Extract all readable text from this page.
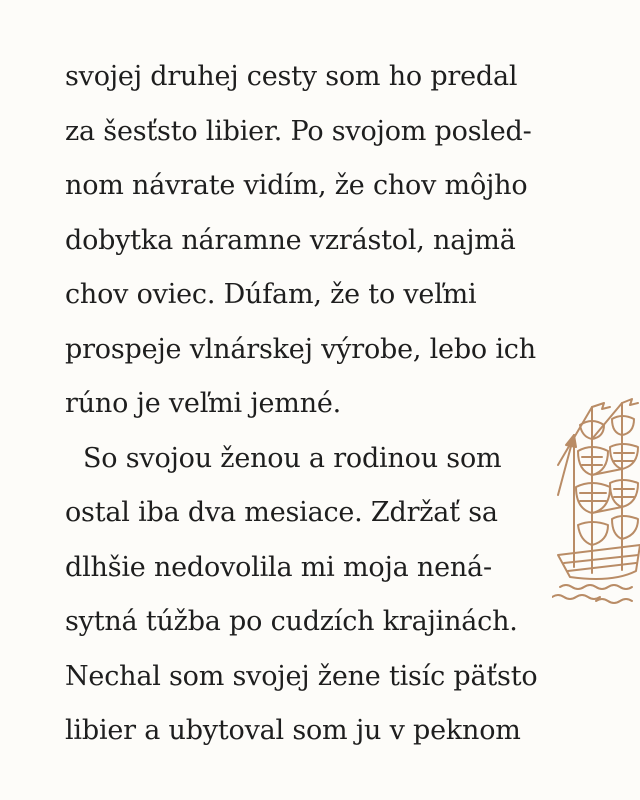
svojej druhej cesty som ho predal
za šesťsto libier. Po svojom posled-
nom návrate vidím, že chov môjho
dobytka náramne vzrástol, najmä
chov oviec. Dúfam, že to veľmi
prospeje vlnárskej výrobe, lebo ich
rúno je veľmi jemné.
So svojou ženou a rodinou som
ostal iba dva mesiace. Zdržať sa
dlhšie nedovolila mi moja nená-
sytná túžba po cudzích krajinách.
Nechal som svojej žene tisíc päťsto
libier a ubytoval som ju v peknom
